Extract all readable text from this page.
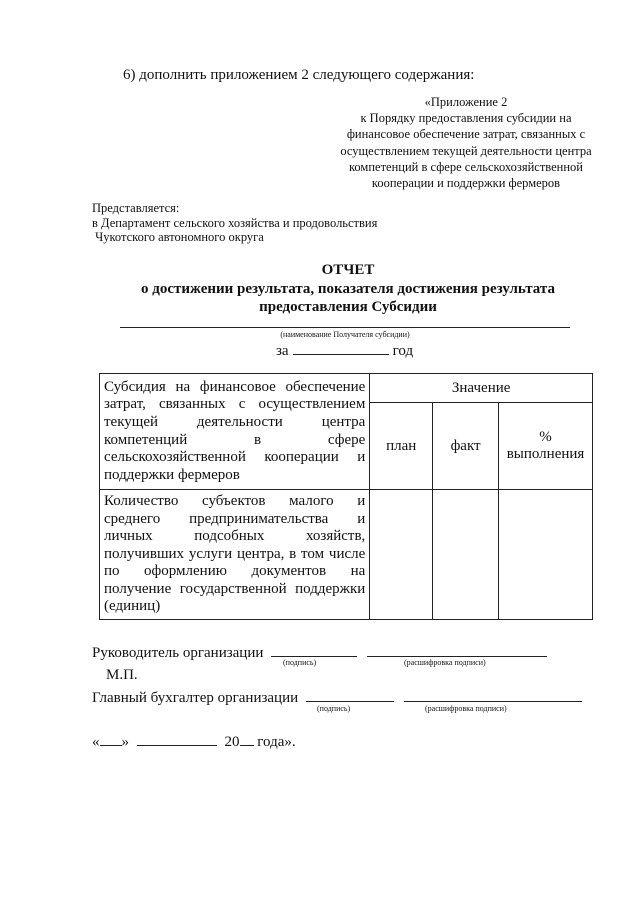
6) дополнить приложением 2 следующего содержания:
«Приложение 2
к Порядку предоставления субсидии на
финансовое обеспечение затрат, связанных с
осуществлением текущей деятельности центра
компетенций в сфере сельскохозяйственной
кооперации и поддержки фермеров
Представляется:
в Департамент сельского хозяйства и продовольствия
Чукотского автономного округа
ОТЧЕТ
о достижении результата, показателя достижения результата
предоставления Субсидии
(наименование Получателя субсидии)
за	год
Субсидия на финансовое обеспечение затрат, связанных с осуществлением текущей деятельности центра компетенций в сфере сельскохозяйственной кооперации и поддержки фермеров	Значение		
	план	факт	% выполнения
Количество субъектов малого и среднего предпринимательства и личных подсобных хозяйств, получивших услуги центра, в том числе по оформлению документов на получение государственной поддержки (единиц)			
Руководитель организации
(подпись)	(расшифровка подписи)
М.П.
Главный бухгалтер организации
(подпись)	(расшифровка подписи)
« »	20 года».
